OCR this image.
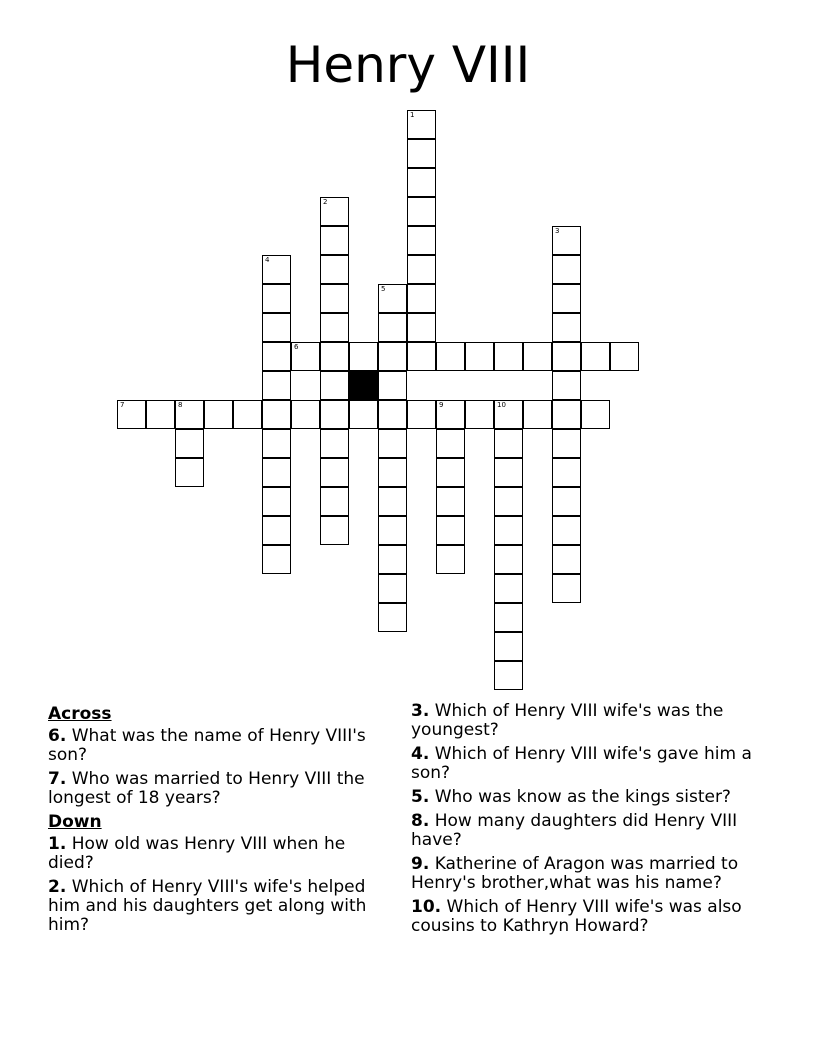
Henry VIII
1
2
3
4
5
6
7	8	9	10
Across
6. What was the name of Henry VIII's son?
7. Who was married to Henry VIII the longest of 18 years?
Down
1. How old was Henry VIII when he died?
2. Which of Henry VIII's wife's helped him and his daughters get along with him?
3. Which of Henry VIII wife's was the youngest?
4. Which of Henry VIII wife's gave him a son?
5. Who was know as the kings sister?
8. How many daughters did Henry VIII have?
9. Katherine of Aragon was married to Henry's brother,what was his name?
10. Which of Henry VIII wife's was also cousins to Kathryn Howard?
